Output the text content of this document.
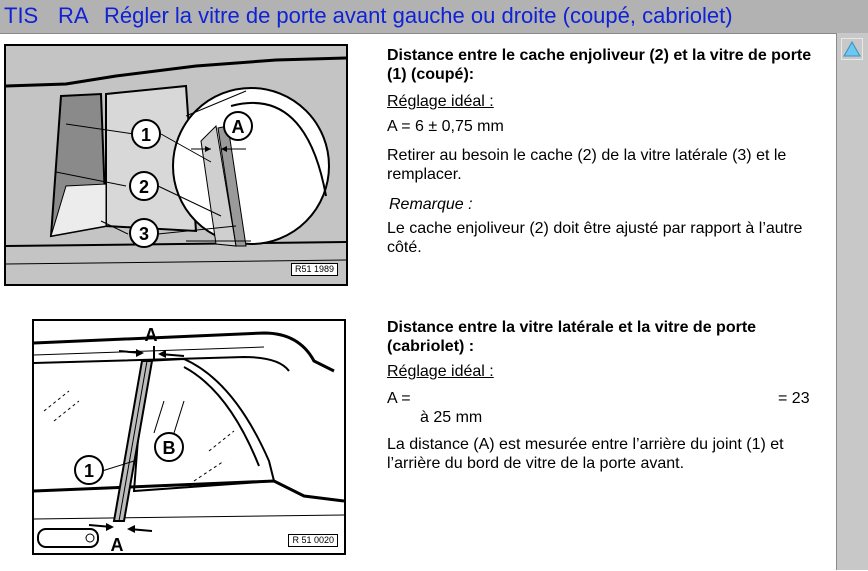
TIS RA Régler la vitre de porte avant gauche ou droite (coupé, cabriolet)
1
2
3
A
R51 1989
Distance entre le cache enjoliveur (2) et la vitre de porte (1) (coupé):
Réglage idéal :
A = 6 ± 0,75 mm
Retirer au besoin le cache (2) de la vitre latérale (3) et le remplacer.
Remarque :
Le cache enjoliveur (2) doit être ajusté par rapport à l’autre côté.
A
A
B
1
R 51 0020
Distance entre la vitre latérale et la vitre de porte (cabriolet) :
Réglage idéal :
A =	= 23
à 25 mm
La distance (A) est mesurée entre l’arrière du joint (1) et l’arrière du bord de vitre de la porte avant.
